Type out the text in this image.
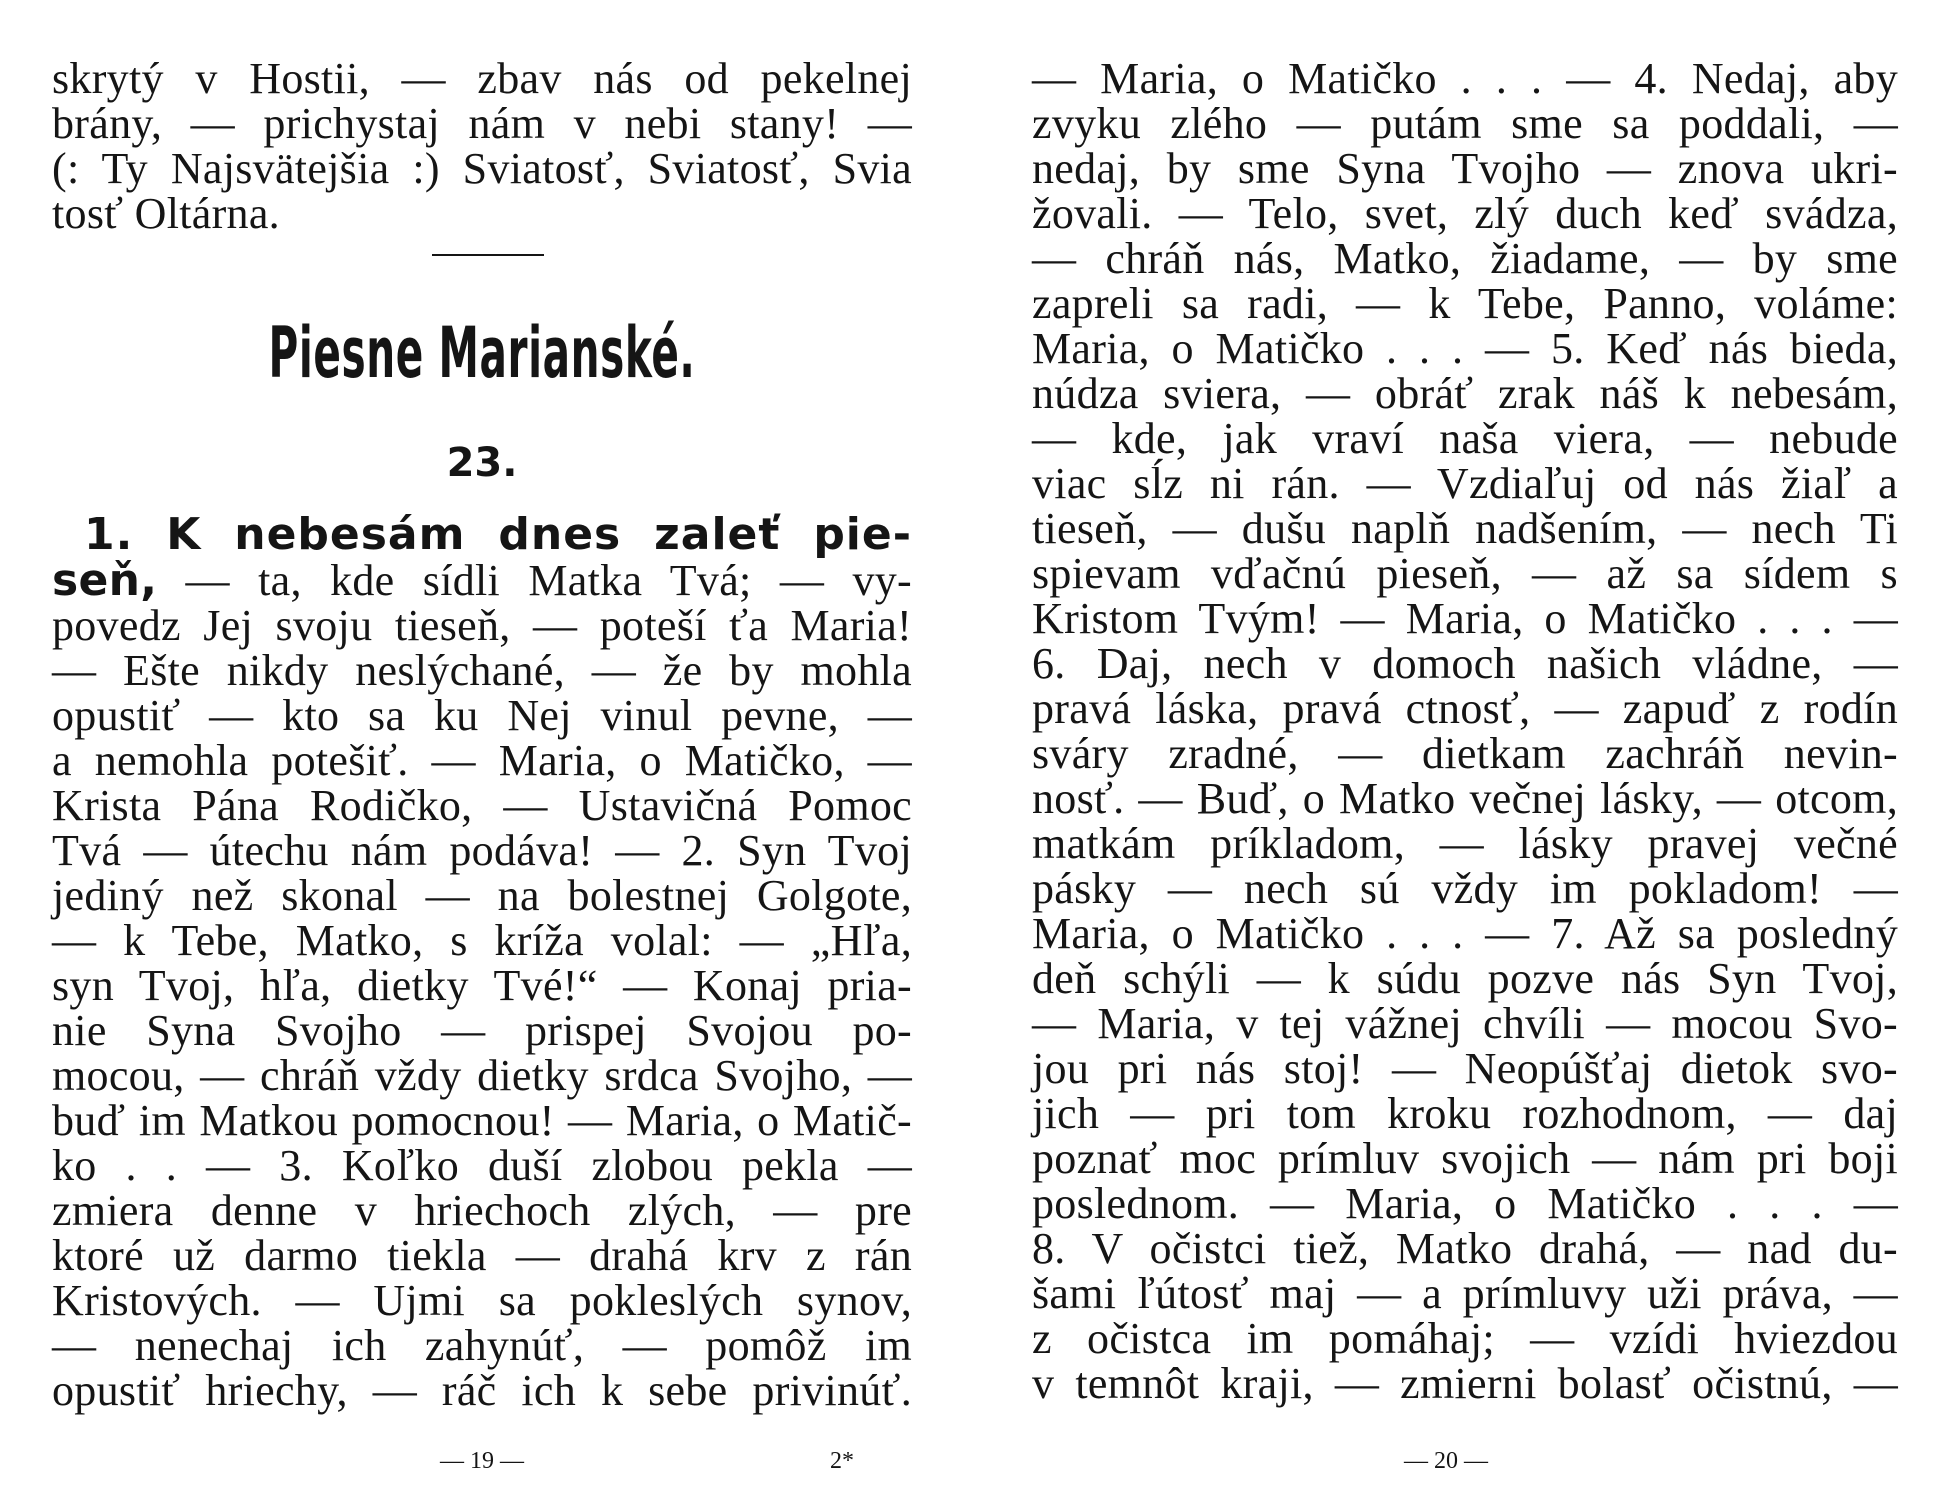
skrytý v Hostii, — zbav nás od pekelnej
brány, — prichystaj nám v nebi stany! —
(: Ty Najsvätejšia :) Sviatosť, Sviatosť, Svia
tosť Oltárna.
Piesne Marianské.
23.
1. K nebesám dnes zaleť pie-
seň, — ta, kde sídli Matka Tvá; — vy-
povedz Jej svoju tieseň, — poteší ťa Maria!
— Ešte nikdy neslýchané, — že by mohla
opustiť — kto sa ku Nej vinul pevne, —
a nemohla potešiť. — Maria, o Matičko, —
Krista Pána Rodičko, — Ustavičná Pomoc
Tvá — útechu nám podáva! — 2. Syn Tvoj
jediný než skonal — na bolestnej Golgote,
— k Tebe, Matko, s kríža volal: — „Hľa,
syn Tvoj, hľa, dietky Tvé!“ — Konaj pria-
nie Syna Svojho — prispej Svojou po-
mocou, — chráň vždy dietky srdca Svojho, —
buď im Matkou pomocnou! — Maria, o Matič-
ko . . — 3. Koľko duší zlobou pekla —
zmiera denne v hriechoch zlých, — pre
ktoré už darmo tiekla — drahá krv z rán
Kristových. — Ujmi sa pokleslých synov,
— nenechaj ich zahynúť, — pomôž im
opustiť hriechy, — ráč ich k sebe privinúť.
— 19 —	2*
— Maria, o Matičko . . . — 4. Nedaj, aby
zvyku zlého — putám sme sa poddali, —
nedaj, by sme Syna Tvojho — znova ukri-
žovali. — Telo, svet, zlý duch keď svádza,
— chráň nás, Matko, žiadame, — by sme
zapreli sa radi, — k Tebe, Panno, voláme:
Maria, o Matičko . . . — 5. Keď nás bieda,
núdza sviera, — obráť zrak náš k nebesám,
— kde, jak vraví naša viera, — nebude
viac sĺz ni rán. — Vzdiaľuj od nás žiaľ a
tieseň, — dušu naplň nadšením, — nech Ti
spievam vďačnú pieseň, — až sa sídem s
Kristom Tvým! — Maria, o Matičko . . . —
6. Daj, nech v domoch našich vládne, —
pravá láska, pravá ctnosť, — zapuď z rodín
sváry zradné, — dietkam zachráň nevin-
nosť. — Buď, o Matko večnej lásky, — otcom,
matkám príkladom, — lásky pravej večné
pásky — nech sú vždy im pokladom! —
Maria, o Matičko . . . — 7. Až sa posledný
deň schýli — k súdu pozve nás Syn Tvoj,
— Maria, v tej vážnej chvíli — mocou Svo-
jou pri nás stoj! — Neopúšťaj dietok svo-
jich — pri tom kroku rozhodnom, — daj
poznať moc prímluv svojich — nám pri boji
poslednom. — Maria, o Matičko . . . —
8. V očistci tiež, Matko drahá, — nad du-
šami ľútosť maj — a prímluvy uži práva, —
z očistca im pomáhaj; — vzídi hviezdou
v temnôt kraji, — zmierni bolasť očistnú, —
— 20 —
